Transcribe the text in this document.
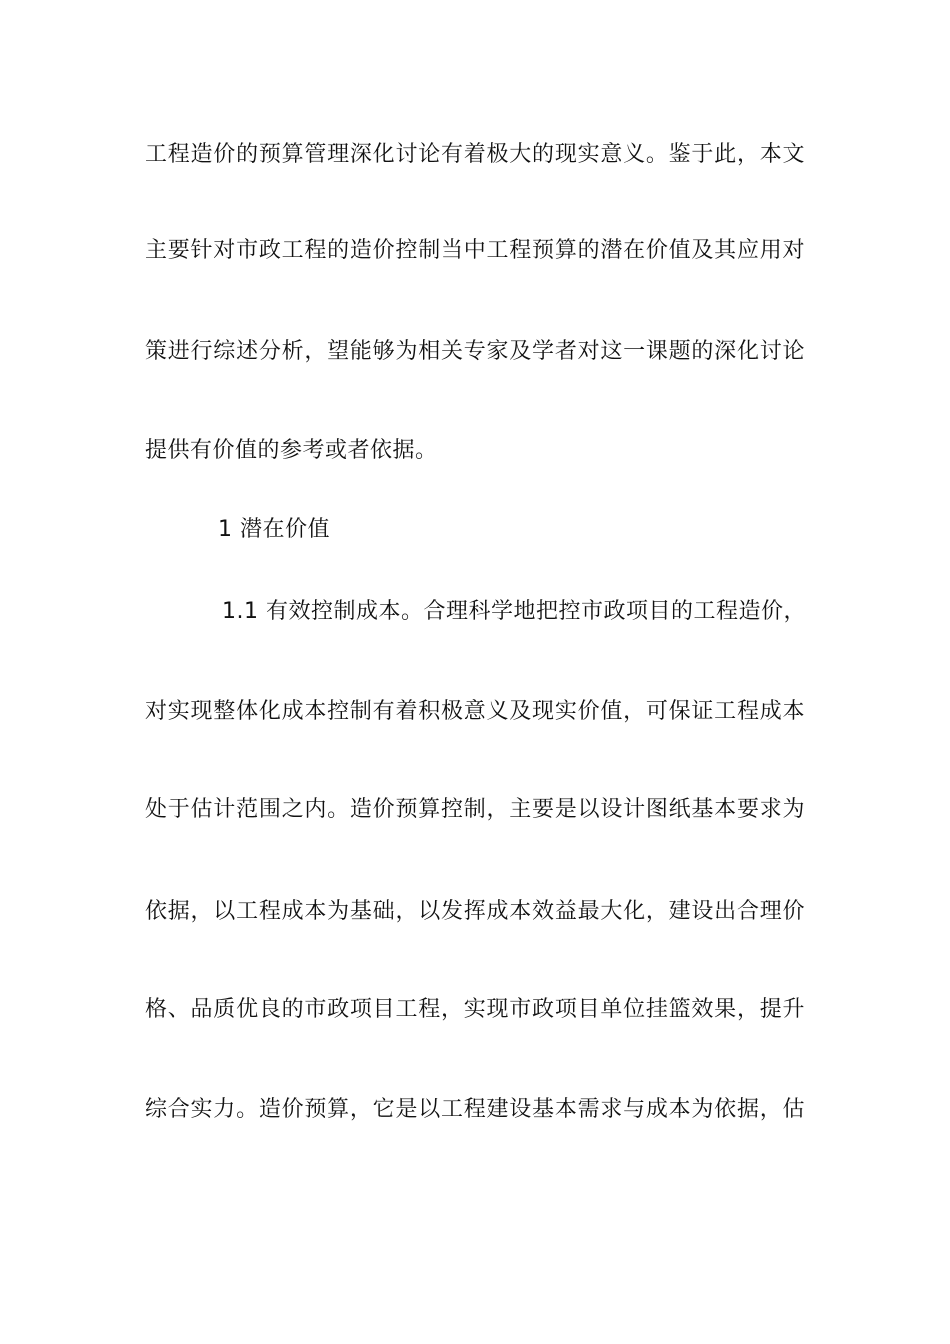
工程造价的预算管理深化讨论有着极大的现实意义。鉴于此，本文
主要针对市政工程的造价控制当中工程预算的潜在价值及其应用对
策进行综述分析，望能够为相关专家及学者对这一课题的深化讨论
提供有价值的参考或者依据。
1 潜在价值
1.1 有效控制成本。合理科学地把控市政项目的工程造价，
对实现整体化成本控制有着积极意义及现实价值，可保证工程成本
处于估计范围之内。造价预算控制，主要是以设计图纸基本要求为
依据，以工程成本为基础，以发挥成本效益最大化，建设出合理价
格、品质优良的市政项目工程，实现市政项目单位挂篮效果，提升
综合实力。造价预算，它是以工程建设基本需求与成本为依据，估
